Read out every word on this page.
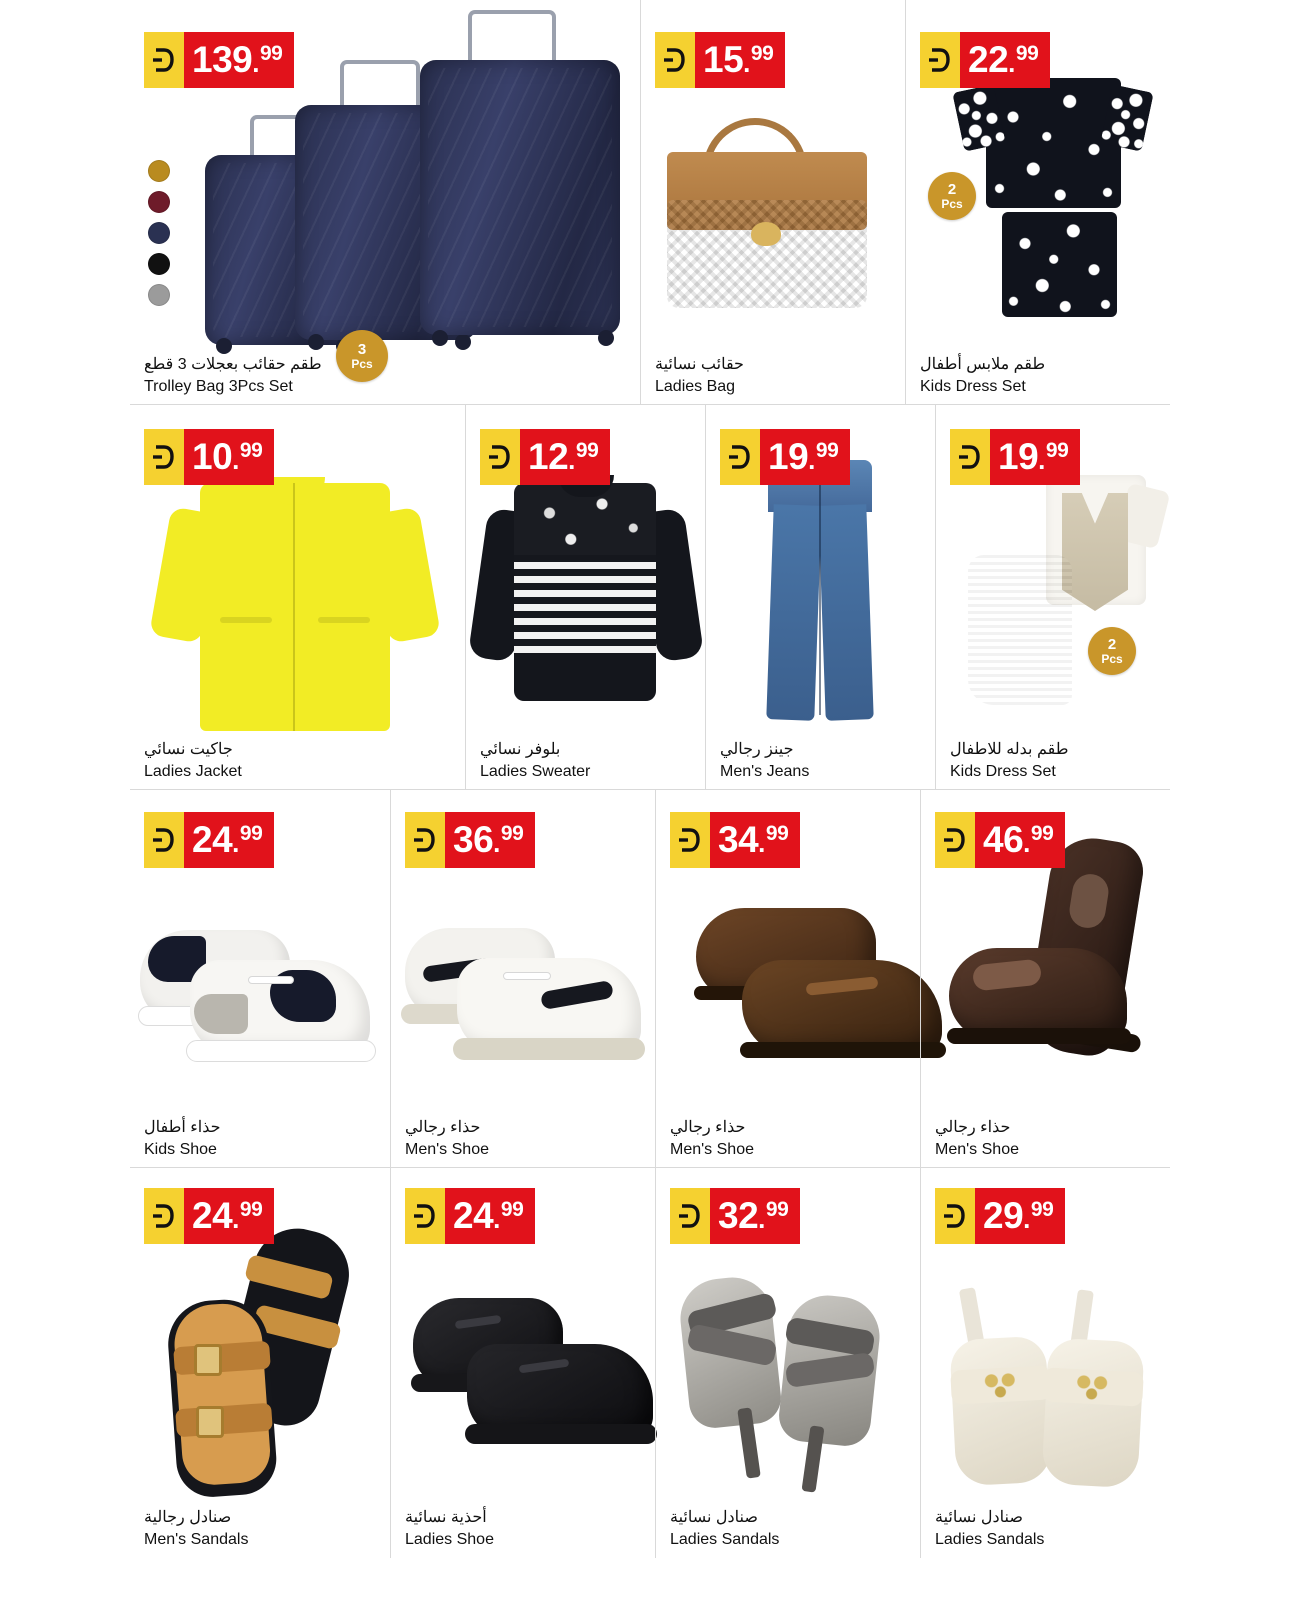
139 . 99
3
Pcs
طقم حقائب بعجلات 3 قطع
Trolley Bag 3Pcs Set
15 . 99
حقائب نسائية
Ladies Bag
22 . 99
2
Pcs
طقم ملابس أطفال
Kids Dress Set
10 . 99
جاكيت نسائي
Ladies Jacket
12 . 99
بلوفر نسائي
Ladies Sweater
19 . 99
جينز رجالي
Men's Jeans
19 . 99
2
Pcs
طقم بدله للاطفال
Kids Dress Set
24 . 99
حذاء أطفال
Kids Shoe
36 . 99
حذاء رجالي
Men's Shoe
34 . 99
حذاء رجالي
Men's Shoe
46 . 99
حذاء رجالي
Men's Shoe
24 . 99
صنادل رجالية
Men's Sandals
24 . 99
أحذية نسائية
Ladies Shoe
32 . 99
صنادل نسائية
Ladies Sandals
29 . 99
صنادل نسائية
Ladies Sandals
